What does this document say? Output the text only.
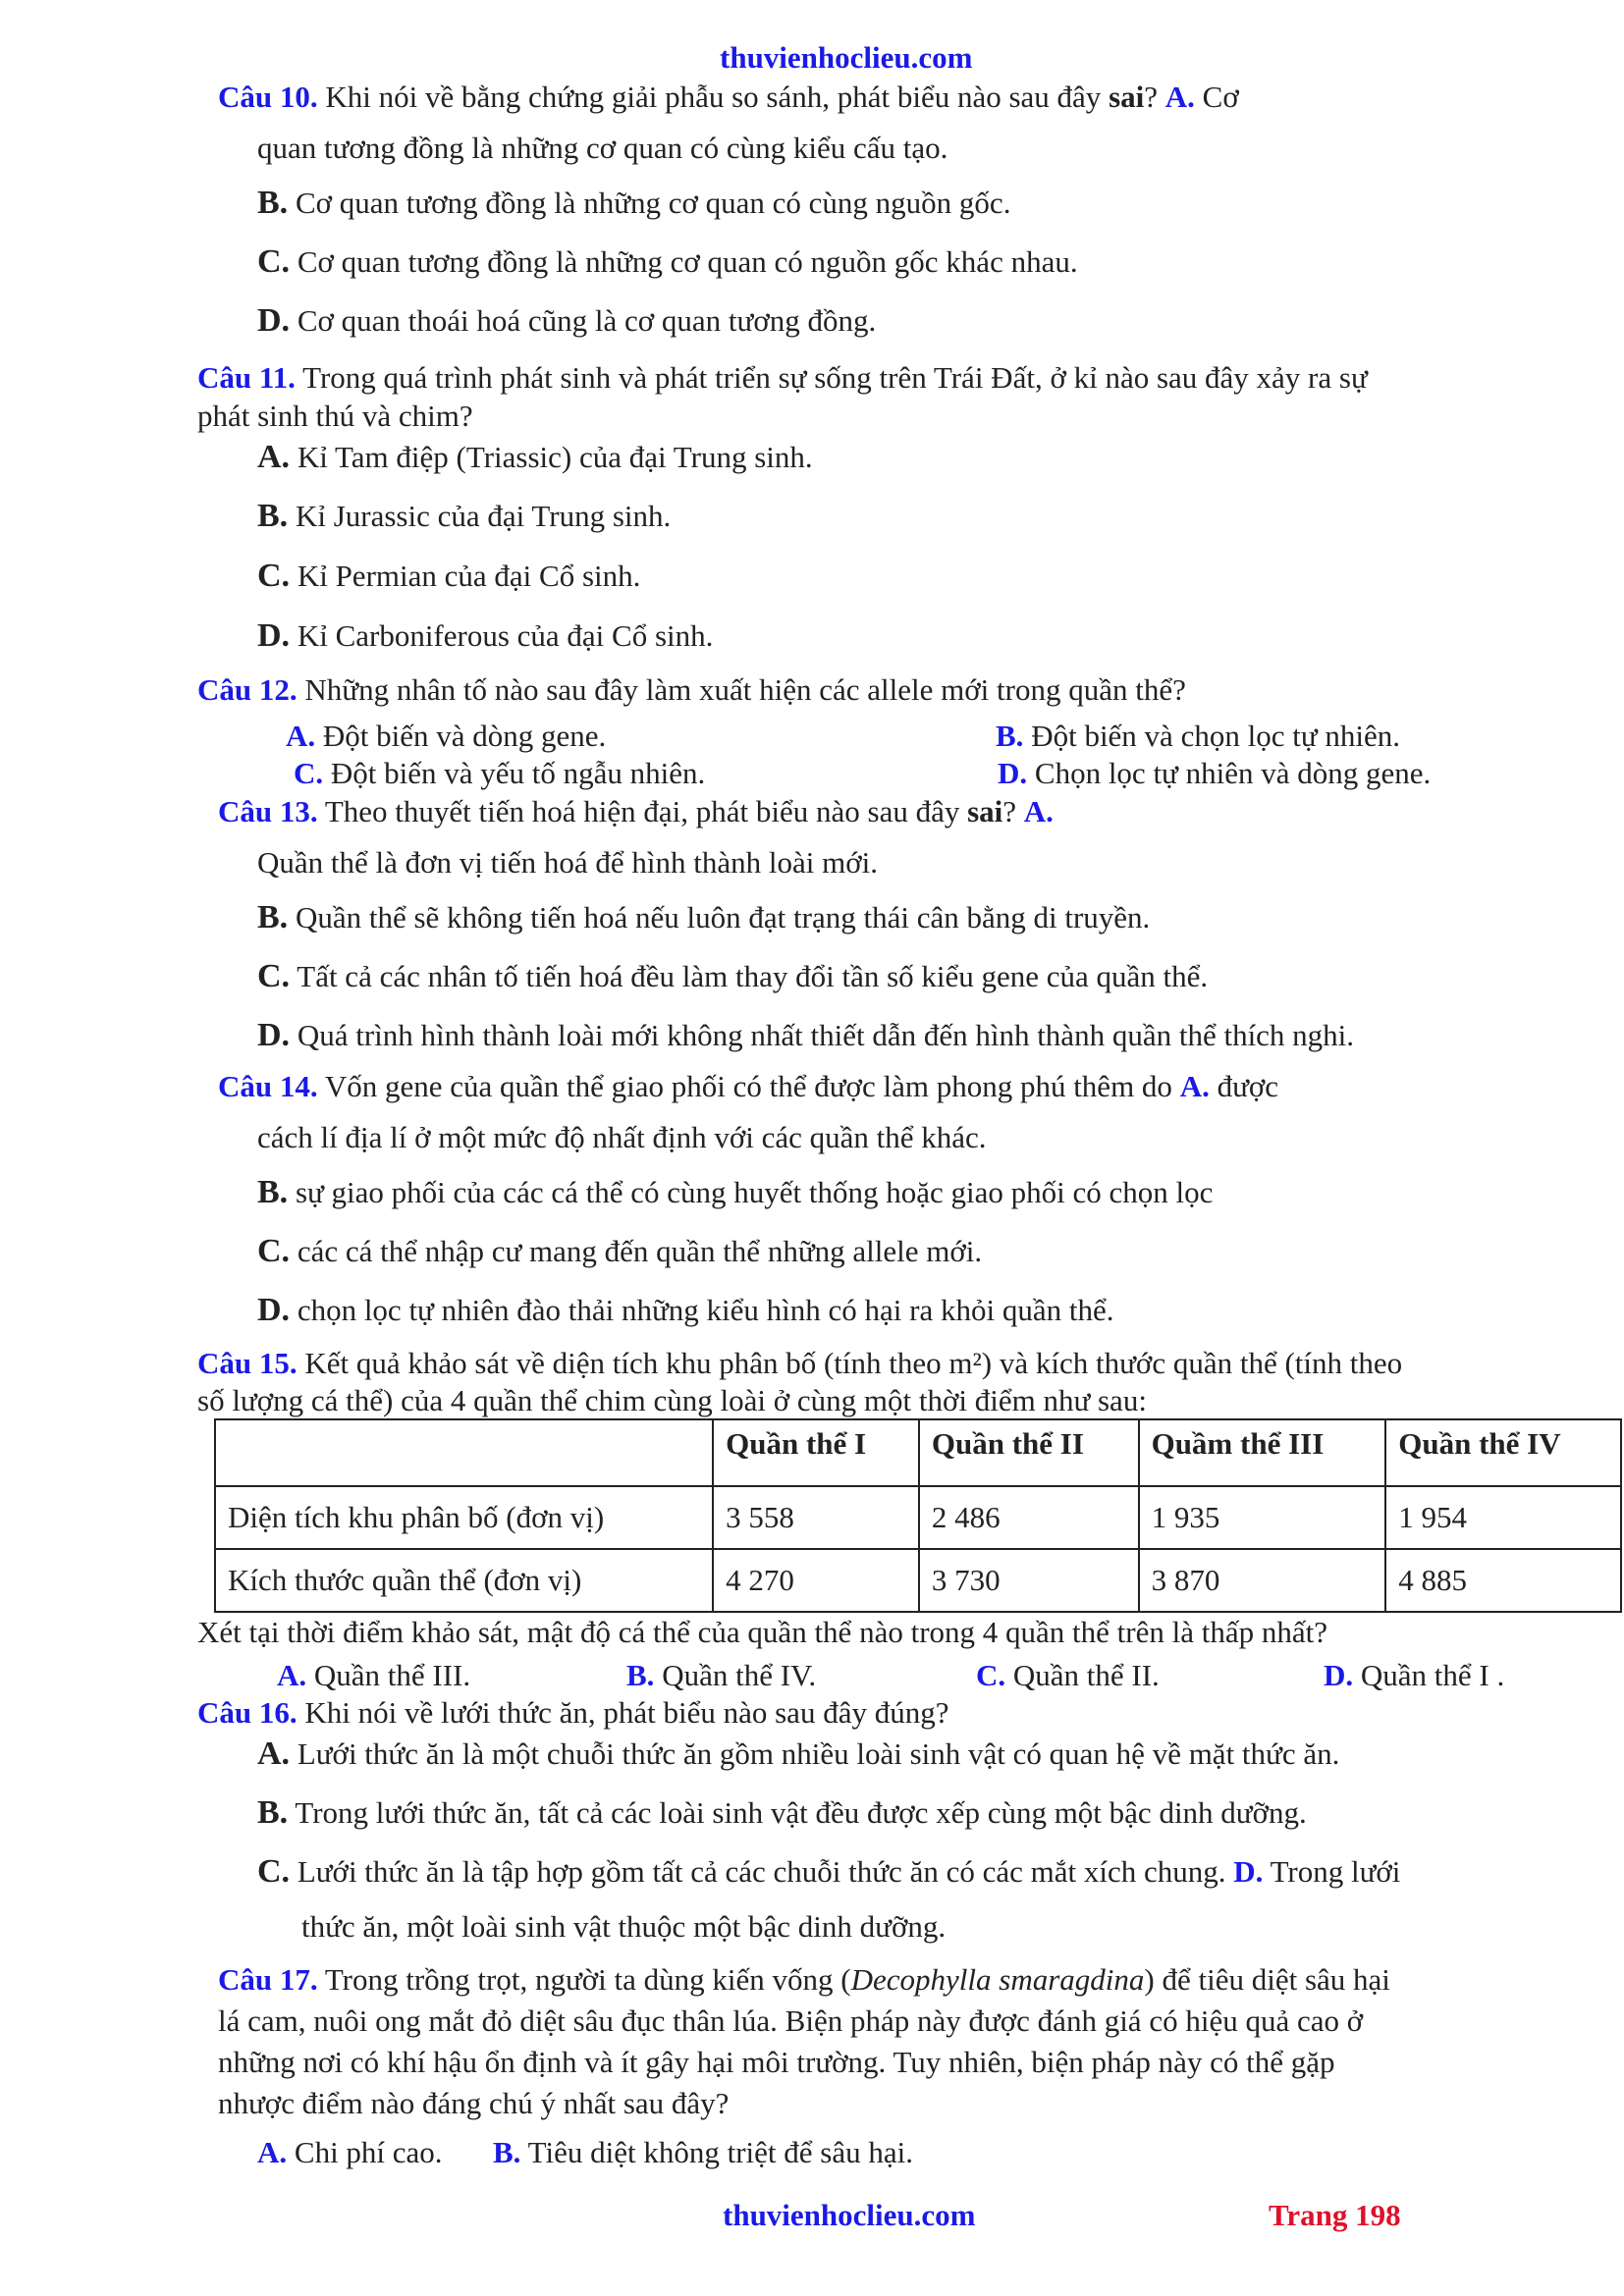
thuvienhoclieu.com
Câu 10. Khi nói về bằng chứng giải phẫu so sánh, phát biểu nào sau đây sai? A. Cơ
quan tương đồng là những cơ quan có cùng kiểu cấu tạo.
B. Cơ quan tương đồng là những cơ quan có cùng nguồn gốc.
C. Cơ quan tương đồng là những cơ quan có nguồn gốc khác nhau.
D. Cơ quan thoái hoá cũng là cơ quan tương đồng.
Câu 11. Trong quá trình phát sinh và phát triển sự sống trên Trái Đất, ở kỉ nào sau đây xảy ra sự
phát sinh thú và chim?
A. Kỉ Tam điệp (Triassic) của đại Trung sinh.
B. Kỉ Jurassic của đại Trung sinh.
C. Kỉ Permian của đại Cổ sinh.
D. Kỉ Carboniferous của đại Cổ sinh.
Câu 12. Những nhân tố nào sau đây làm xuất hiện các allele mới trong quần thể?
A. Đột biến và dòng gene.	B. Đột biến và chọn lọc tự nhiên.
C. Đột biến và yếu tố ngẫu nhiên.	D. Chọn lọc tự nhiên và dòng gene.
Câu 13. Theo thuyết tiến hoá hiện đại, phát biểu nào sau đây sai? A.
Quần thể là đơn vị tiến hoá để hình thành loài mới.
B. Quần thể sẽ không tiến hoá nếu luôn đạt trạng thái cân bằng di truyền.
C. Tất cả các nhân tố tiến hoá đều làm thay đổi tần số kiểu gene của quần thể.
D. Quá trình hình thành loài mới không nhất thiết dẫn đến hình thành quần thể thích nghi.
Câu 14. Vốn gene của quần thể giao phối có thể được làm phong phú thêm do A. được
cách lí địa lí ở một mức độ nhất định với các quần thể khác.
B. sự giao phối của các cá thể có cùng huyết thống hoặc giao phối có chọn lọc
C. các cá thể nhập cư mang đến quần thể những allele mới.
D. chọn lọc tự nhiên đào thải những kiểu hình có hại ra khỏi quần thể.
Câu 15. Kết quả khảo sát về diện tích khu phân bố (tính theo m²) và kích thước quần thể (tính theo
số lượng cá thể) của 4 quần thể chim cùng loài ở cùng một thời điểm như sau:
	Quần thể I	Quần thể II	Quầm thể III	Quần thể IV
Diện tích khu phân bố (đơn vị)	3 558	2 486	1 935	1 954
Kích thước quần thể (đơn vị)	4 270	3 730	3 870	4 885
Xét tại thời điểm khảo sát, mật độ cá thể của quần thể nào trong 4 quần thể trên là thấp nhất?
A. Quần thể III.	B. Quần thể IV.	C. Quần thể II.	D. Quần thể I .
Câu 16. Khi nói về lưới thức ăn, phát biểu nào sau đây đúng?
A. Lưới thức ăn là một chuỗi thức ăn gồm nhiều loài sinh vật có quan hệ về mặt thức ăn.
B. Trong lưới thức ăn, tất cả các loài sinh vật đều được xếp cùng một bậc dinh dưỡng.
C. Lưới thức ăn là tập hợp gồm tất cả các chuỗi thức ăn có các mắt xích chung. D. Trong lưới
thức ăn, một loài sinh vật thuộc một bậc dinh dưỡng.
Câu 17. Trong trồng trọt, người ta dùng kiến vống (Decophylla smaragdina) để tiêu diệt sâu hại
lá cam, nuôi ong mắt đỏ diệt sâu đục thân lúa. Biện pháp này được đánh giá có hiệu quả cao ở
những nơi có khí hậu ổn định và ít gây hại môi trường. Tuy nhiên, biện pháp này có thể gặp
nhược điểm nào đáng chú ý nhất sau đây?
A. Chi phí cao. B. Tiêu diệt không triệt để sâu hại.
thuvienhoclieu.com	Trang 198
